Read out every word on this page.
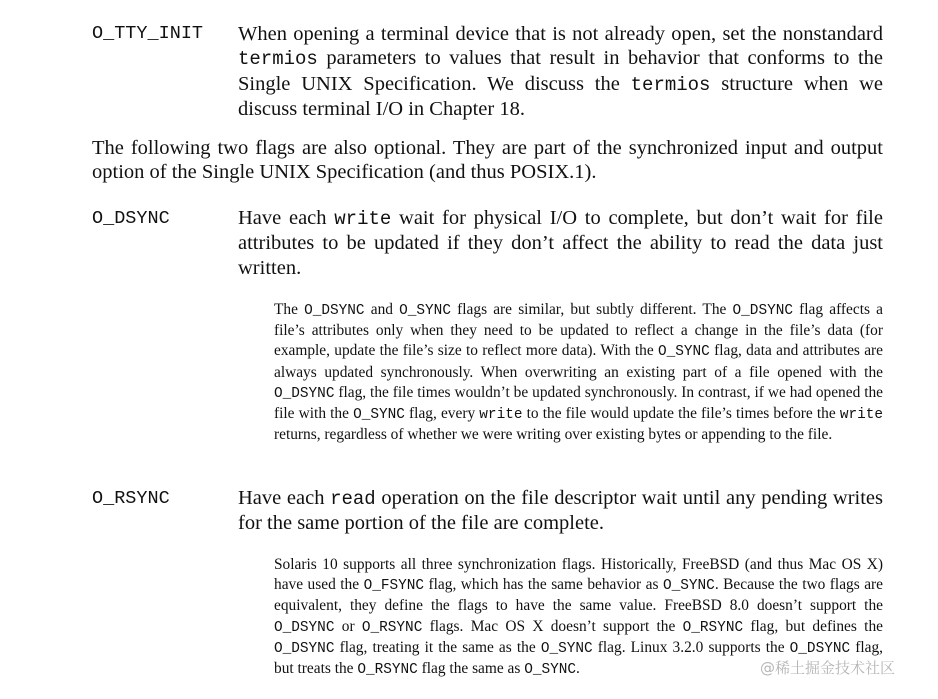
O_TTY_INIT When opening a terminal device that is not already open, set the nonstandard termios parameters to values that result in behavior that conforms to the Single UNIX Specification. We discuss the termios structure when we discuss terminal I/O in Chapter 18.
The following two flags are also optional. They are part of the synchronized input and output option of the Single UNIX Specification (and thus POSIX.1).
O_DSYNC	Have each write wait for physical I/O to complete, but don’t wait for file attributes to be updated if they don’t affect the ability to read the data just written.
The O_DSYNC and O_SYNC flags are similar, but subtly different. The O_DSYNC flag affects a file’s attributes only when they need to be updated to reflect a change in the file’s data (for example, update the file’s size to reflect more data). With the O_SYNC flag, data and attributes are always updated synchronously. When overwriting an existing part of a file opened with the O_DSYNC flag, the file times wouldn’t be updated synchronously. In contrast, if we had opened the file with the O_SYNC flag, every write to the file would update the file’s times before the write returns, regardless of whether we were writing over existing bytes or appending to the file.
O_RSYNC	Have each read operation on the file descriptor wait until any pending writes for the same portion of the file are complete.
Solaris 10 supports all three synchronization flags. Historically, FreeBSD (and thus Mac OS X) have used the O_FSYNC flag, which has the same behavior as O_SYNC. Because the two flags are equivalent, they define the flags to have the same value. FreeBSD 8.0 doesn’t support the O_DSYNC or O_RSYNC flags. Mac OS X doesn’t support the O_RSYNC flag, but defines the O_DSYNC flag, treating it the same as the O_SYNC flag. Linux 3.2.0 supports the O_DSYNC flag, but treats the O_RSYNC flag the same as O_SYNC.	@稀土掘金技术社区
